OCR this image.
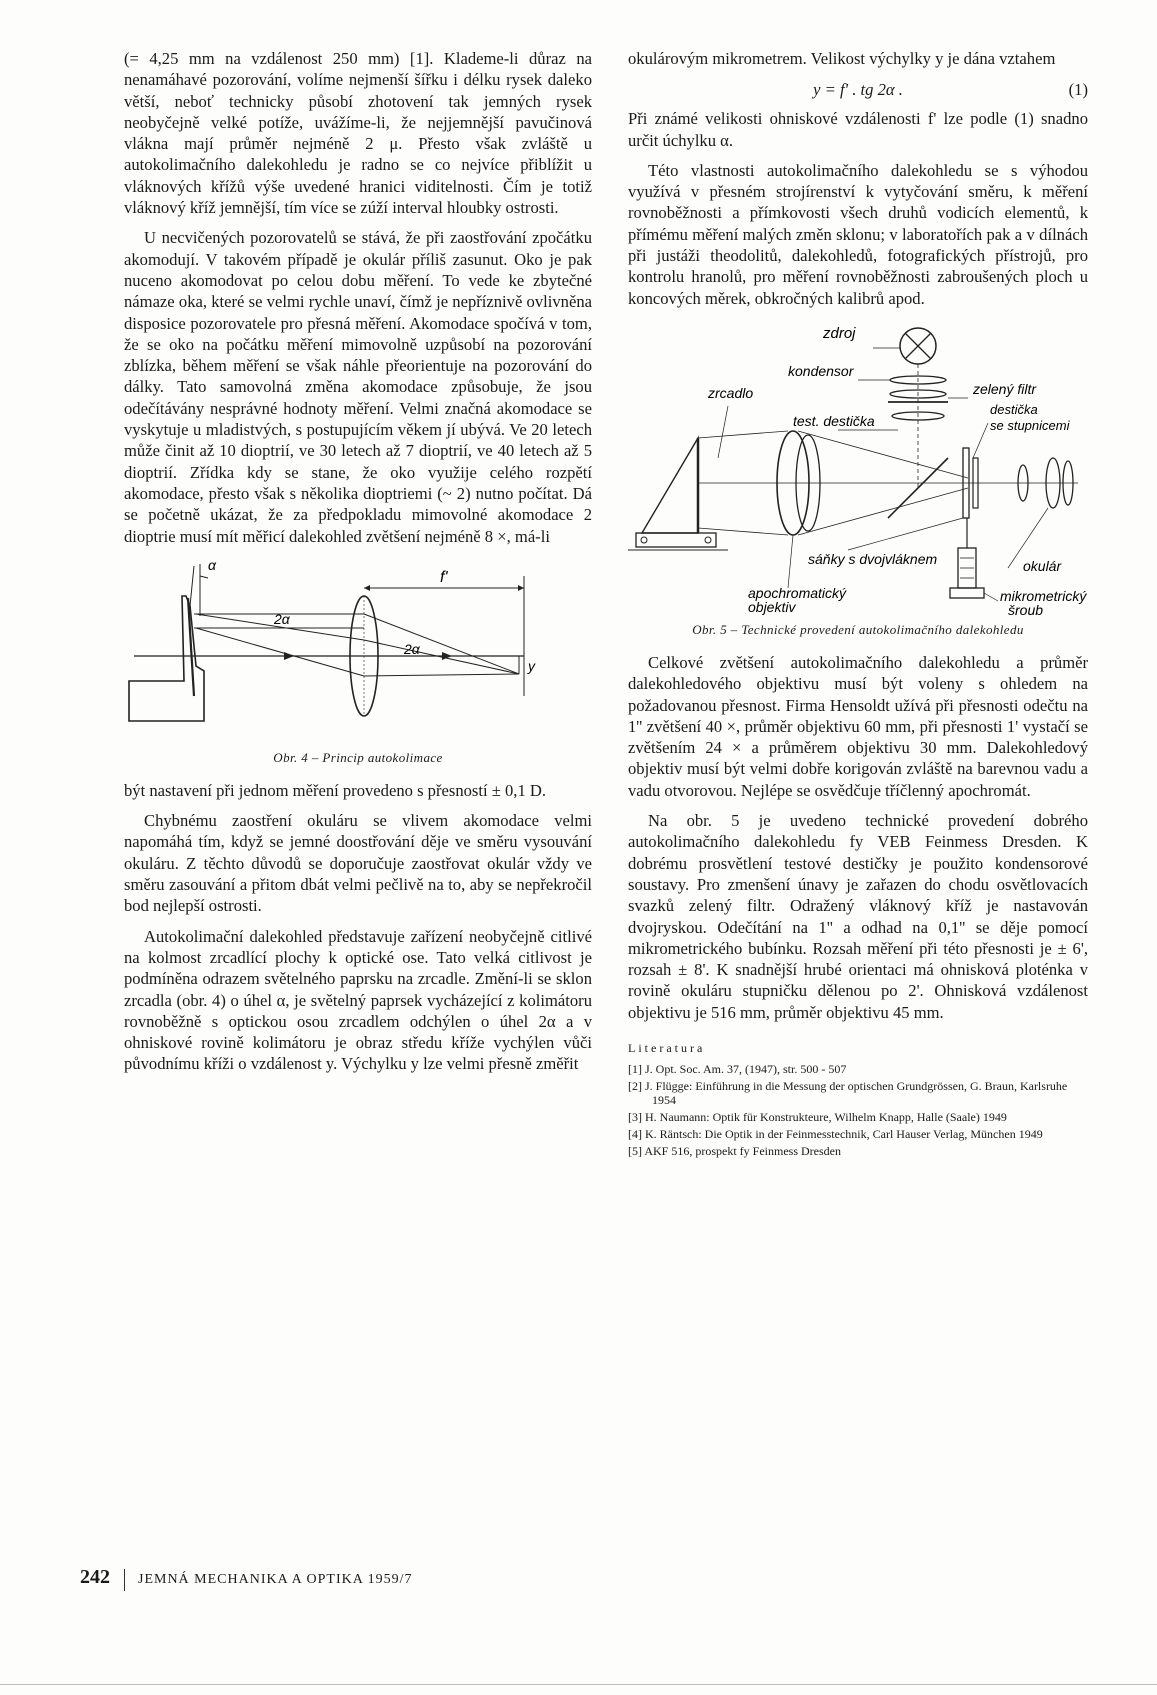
(= 4,25 mm na vzdálenost 250 mm) [1]. Klademe-li důraz na nenamáhavé pozorování, volíme nejmenší šířku i délku rysek daleko větší, neboť technicky působí zhotovení tak jemných rysek neobyčejně velké potíže, uvážíme-li, že nejjemnější pavučinová vlákna mají průměr nejméně 2 μ. Přesto však zvláště u autokolimačního dalekohledu je radno se co nejvíce přiblížit u vláknových křížů výše uvedené hranici viditelnosti. Čím je totiž vláknový kříž jemnější, tím více se zúží interval hloubky ostrosti.

U necvičených pozorovatelů se stává, že při zaostřování zpočátku akomodují. V takovém případě je okulár příliš zasunut. Oko je pak nuceno akomodovat po celou dobu měření. To vede ke zbytečné námaze oka, které se velmi rychle unaví, čímž je nepříznivě ovlivněna disposice pozorovatele pro přesná měření. Akomodace spočívá v tom, že se oko na počátku měření mimovolně uzpůsobí na pozorování zblízka, během měření se však náhle přeorientuje na pozorování do dálky. Tato samovolná změna akomodace způsobuje, že jsou odečítávány nesprávné hodnoty měření. Velmi značná akomodace se vyskytuje u mladistvých, s postupujícím věkem jí ubývá. Ve 20 letech může činit až 10 dioptrií, ve 30 letech až 7 dioptrií, ve 40 letech až 5 dioptrií. Zřídka kdy se stane, že oko využije celého rozpětí akomodace, přesto však s několika dioptriemi (~ 2) nutno počítat. Dá se početně ukázat, že za předpokladu mimovolné akomodace 2 dioptrie musí mít měřicí dalekohled zvětšení nejméně 8 ×, má-li

α
f'
2α
2α
y
Obr. 4 – Princip autokolimace

být nastavení při jednom měření provedeno s přesností ± 0,1 D.

Chybnému zaostření okuláru se vlivem akomodace velmi napomáhá tím, když se jemné doostřování děje ve směru vysouvání okuláru. Z těchto důvodů se doporučuje zaostřovat okulár vždy ve směru zasouvání a přitom dbát velmi pečlivě na to, aby se nepřekročil bod nejlepší ostrosti.

Autokolimační dalekohled představuje zařízení neobyčejně citlivé na kolmost zrcadlící plochy k optické ose. Tato velká citlivost je podmíněna odrazem světelného paprsku na zrcadle. Změní-li se sklon zrcadla (obr. 4) o úhel α, je světelný paprsek vycházející z kolimátoru rovnoběžně s optickou osou zrcadlem odchýlen o úhel 2α a v ohniskové rovině kolimátoru je obraz středu kříže vychýlen vůči původnímu kříži o vzdálenost y. Výchylku y lze velmi přesně změřit

okulárovým mikrometrem. Velikost výchylky y je dána vztahem

y = f' . tg 2α .	(1)

Při známé velikosti ohniskové vzdálenosti f' lze podle (1) snadno určit úchylku α.

Této vlastnosti autokolimačního dalekohledu se s výhodou využívá v přesném strojírenství k vytyčování směru, k měření rovnoběžnosti a přímkovosti všech druhů vodicích elementů, k přímému měření malých změn sklonu; v laboratořích pak a v dílnách při justáži theodolitů, dalekohledů, fotografických přístrojů, pro kontrolu hranolů, pro měření rovnoběžnosti zabroušených ploch u koncových měrek, obkročných kalibrů apod.

zdroj
kondensor
zrcadlo	zelený filtr
test. destička
destička
se stupnicemi
okulár
sáňky s dvojvláknem
apochromatický
objektiv
mikrometrický
šroub
Obr. 5 – Technické provedení autokolimačního dalekohledu

Celkové zvětšení autokolimačního dalekohledu a průměr dalekohledového objektivu musí být voleny s ohledem na požadovanou přesnost. Firma Hensoldt užívá při přesnosti odečtu na 1'' zvětšení 40 ×, průměr objektivu 60 mm, při přesnosti 1' vystačí se zvětšením 24 × a průměrem objektivu 30 mm. Dalekohledový objektiv musí být velmi dobře korigován zvláště na barevnou vadu a vadu otvorovou. Nejlépe se osvědčuje tříčlenný apochromát.

Na obr. 5 je uvedeno technické provedení dobrého autokolimačního dalekohledu fy VEB Feinmess Dresden. K dobrému prosvětlení testové destičky je použito kondensorové soustavy. Pro zmenšení únavy je zařazen do chodu osvětlovacích svazků zelený filtr. Odražený vláknový kříž je nastavován dvojryskou. Odečítání na 1'' a odhad na 0,1'' se děje pomocí mikrometrického bubínku. Rozsah měření při této přesnosti je ± 6', rozsah ± 8'. K snadnější hrubé orientaci má ohnisková ploténka v rovině okuláru stupničku dělenou po 2'. Ohnisková vzdálenost objektivu je 516 mm, průměr objektivu 45 mm.

Literatura
[1] J. Opt. Soc. Am. 37, (1947), str. 500 - 507
[2] J. Flügge: Einführung in die Messung der optischen Grundgrössen, G. Braun, Karlsruhe 1954
[3] H. Naumann: Optik für Konstrukteure, Wilhelm Knapp, Halle (Saale) 1949
[4] K. Räntsch: Die Optik in der Feinmesstechnik, Carl Hauser Verlag, München 1949
[5] AKF 516, prospekt fy Feinmess Dresden
242 JEMNÁ MECHANIKA A OPTIKA 1959/7
